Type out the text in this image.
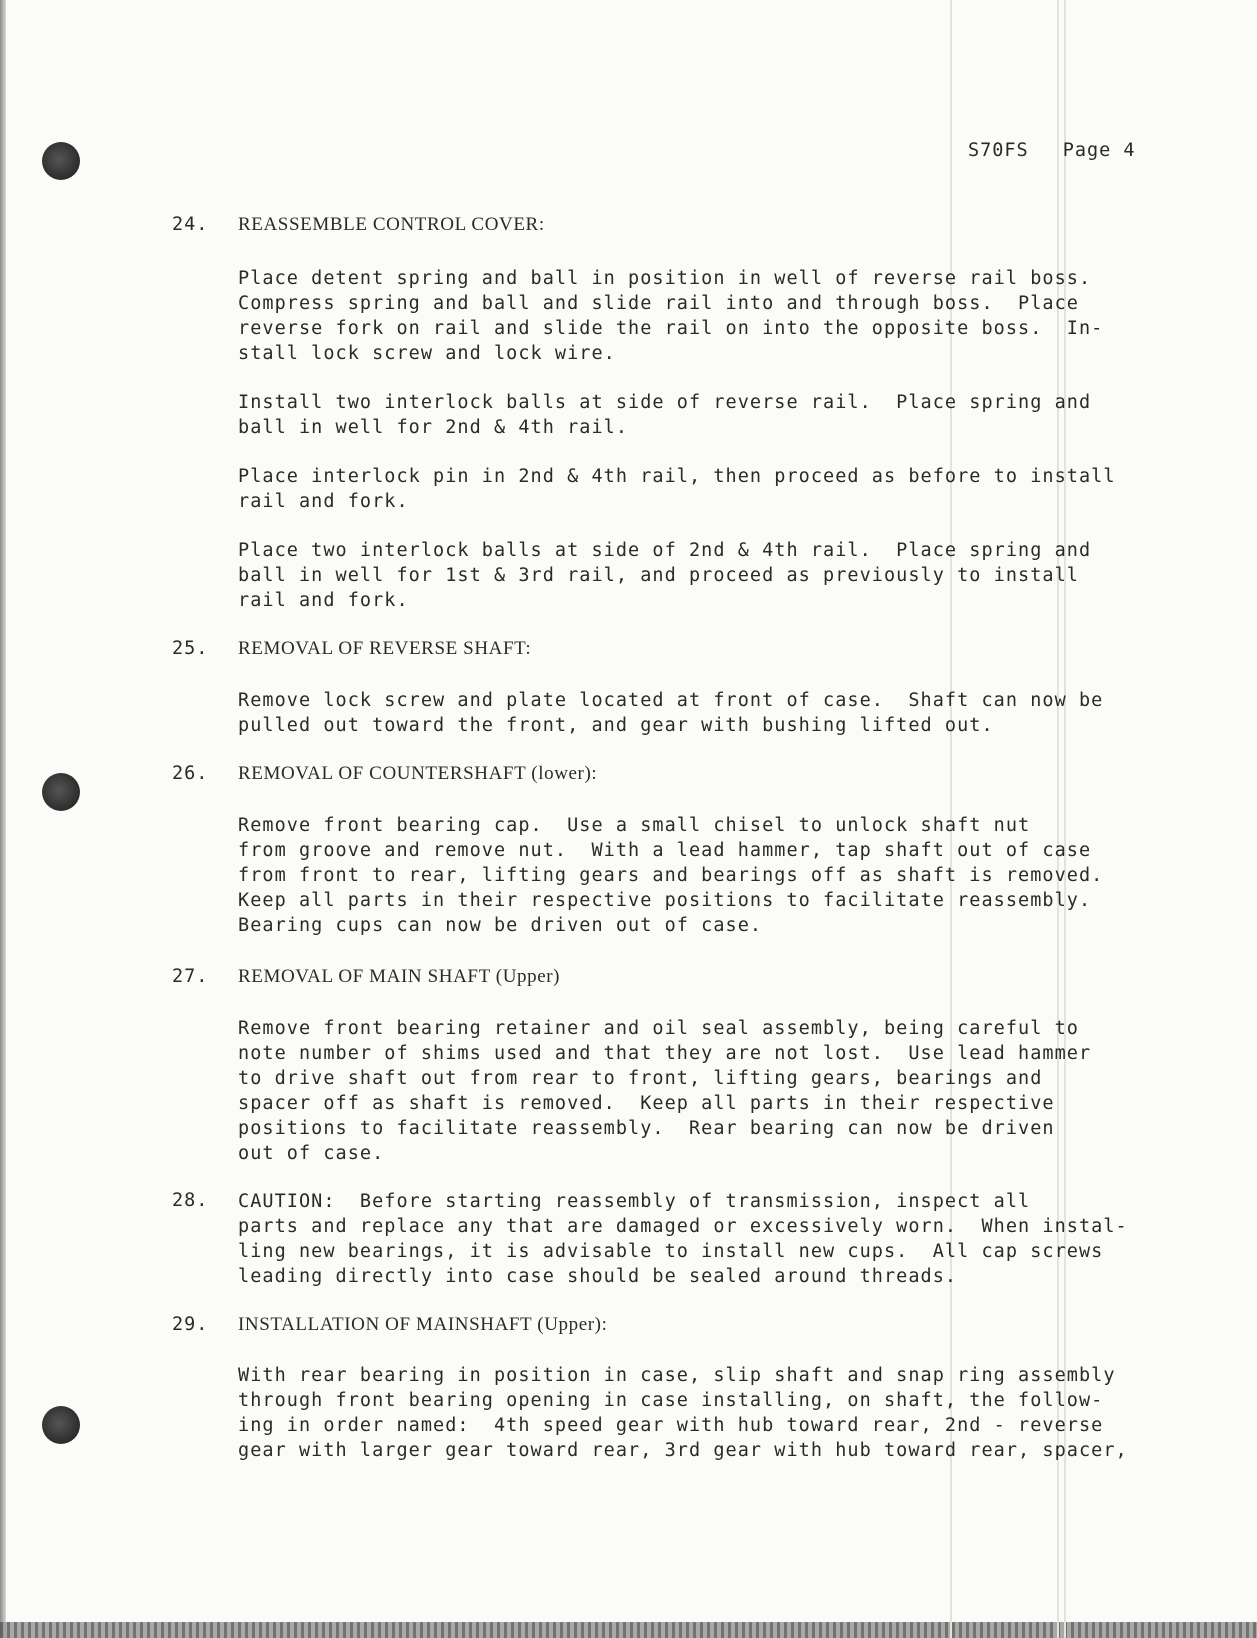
S70FS Page 4
24. REASSEMBLE CONTROL COVER:
Place detent spring and ball in position in well of reverse rail boss.
Compress spring and ball and slide rail into and through boss.  Place
reverse fork on rail and slide the rail on into the opposite boss.  In-
stall lock screw and lock wire.
Install two interlock balls at side of reverse rail.  Place spring and
ball in well for 2nd & 4th rail.
Place interlock pin in 2nd & 4th rail, then proceed as before to install
rail and fork.
Place two interlock balls at side of 2nd & 4th rail.  Place spring and
ball in well for 1st & 3rd rail, and proceed as previously to install
rail and fork.
25. REMOVAL OF REVERSE SHAFT:
Remove lock screw and plate located at front of case.  Shaft can now be
pulled out toward the front, and gear with bushing lifted out.
26. REMOVAL OF COUNTERSHAFT (lower):
Remove front bearing cap.  Use a small chisel to unlock shaft nut
from groove and remove nut.  With a lead hammer, tap shaft out of case
from front to rear, lifting gears and bearings off as shaft is removed.
Keep all parts in their respective positions to facilitate reassembly.
Bearing cups can now be driven out of case.
27. REMOVAL OF MAIN SHAFT (Upper)
Remove front bearing retainer and oil seal assembly, being careful to
note number of shims used and that they are not lost.  Use lead hammer
to drive shaft out from rear to front, lifting gears, bearings and
spacer off as shaft is removed.  Keep all parts in their respective
positions to facilitate reassembly.  Rear bearing can now be driven
out of case.
28. CAUTION:  Before starting reassembly of transmission, inspect all
parts and replace any that are damaged or excessively worn.  When instal-
ling new bearings, it is advisable to install new cups.  All cap screws
leading directly into case should be sealed around threads.
29. INSTALLATION OF MAINSHAFT (Upper):
With rear bearing in position in case, slip shaft and snap ring assembly
through front bearing opening in case installing, on shaft, the follow-
ing in order named:  4th speed gear with hub toward rear, 2nd - reverse
gear with larger gear toward rear, 3rd gear with hub toward rear, spacer,
